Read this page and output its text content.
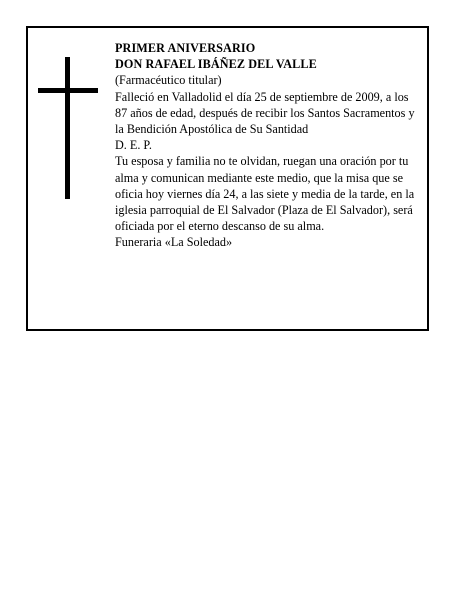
PRIMER ANIVERSARIO

DON RAFAEL IBÁÑEZ DEL VALLE

(Farmacéutico titular)

Falleció en Valladolid el día 25 de septiembre de 2009, a los 87 años de edad, después de recibir los Santos Sacramentos y la Bendición Apostólica de Su Santidad

D. E. P.

Tu esposa y familia no te olvidan, ruegan una oración por tu alma y comunican mediante este medio, que la misa que se oficia hoy viernes día 24, a las siete y media de la tarde, en la iglesia parroquial de El Salvador (Plaza de El Salvador), será oficiada por el eterno descanso de su alma.

Funeraria «La Soledad»
